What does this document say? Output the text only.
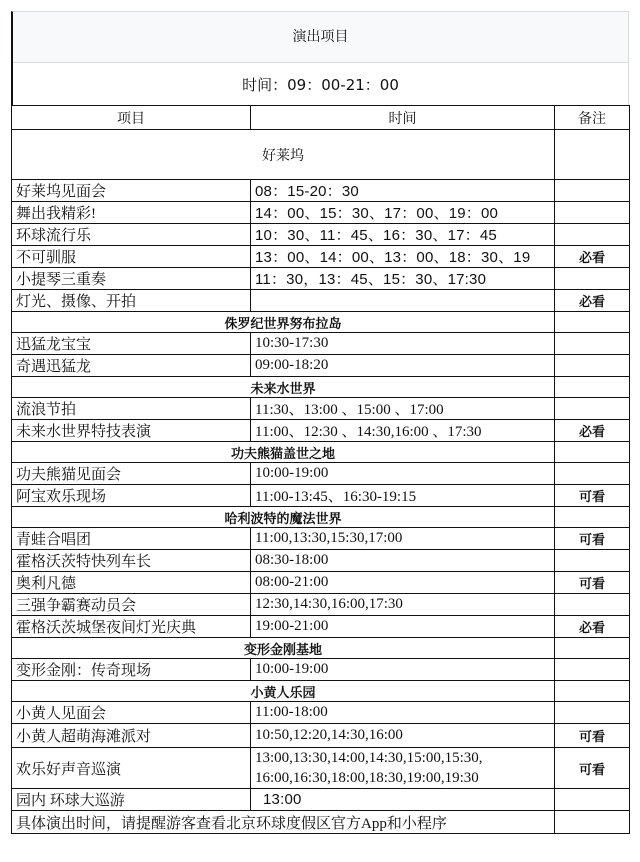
演出项目
时间：09：00-21：00
项目	时间	备注
好莱坞		
好莱坞见面会	08：15-20：30	
舞出我精彩!	14：00、15：30、17：00、19：00	
环球流行乐	10：30、11：45、16：30、17：45	
不可驯服	13：00、14：00、13：00、18：30、19	必看
小提琴三重奏	11：30，13：45、15：30、17:30	
灯光、摄像、开拍		必看
侏罗纪世界努布拉岛		
迅猛龙宝宝	10:30-17:30	
奇遇迅猛龙	09:00-18:20	
未来水世界		
流浪节拍	11:30、13:00 、15:00 、17:00	
未来水世界特技表演	11:00、12:30 、14:30,16:00 、17:30	必看
功夫熊猫盖世之地		
功夫熊猫见面会	10:00-19:00	
阿宝欢乐现场	11:00-13:45、16:30-19:15	可看
哈利波特的魔法世界		
青蛙合唱团	11:00,13:30,15:30,17:00	可看
霍格沃茨特快列车长	08:30-18:00	
奥利凡德	08:00-21:00	可看
三强争霸赛动员会	12:30,14:30,16:00,17:30	
霍格沃茨城堡夜间灯光庆典	19:00-21:00	必看
变形金刚基地		
变形金刚：传奇现场	10:00-19:00	
小黄人乐园		
小黄人见面会	11:00-18:00	
小黄人超萌海滩派对	10:50,12:20,14:30,16:00	可看
欢乐好声音巡演	13:00,13:30,14:00,14:30,15:00,15:30,
16:00,16:30,18:00,18:30,19:00,19:30	可看
园内 环球大巡游	13:00	
具体演出时间，请提醒游客查看北京环球度假区官方App和小程序		
